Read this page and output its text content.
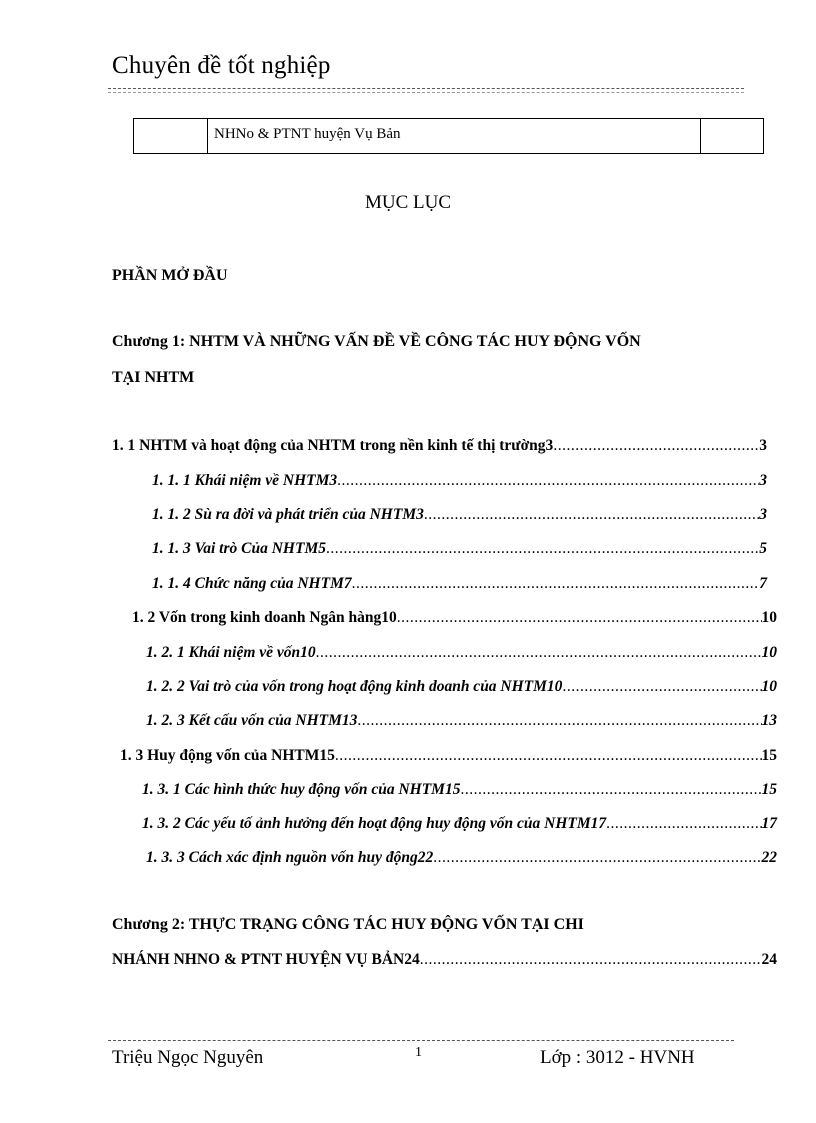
Chuyên đề tốt nghiệp
NHNo & PTNT huyện Vụ Bản
MỤC LỤC
PHẦN MỞ ĐẦU
Chương 1: NHTM VÀ NHỮNG VẤN ĐỀ VỀ CÔNG TÁC HUY ĐỘNG VỐN
TẠI NHTM
1. 1 NHTM và hoạt động của NHTM trong nền kinh tế thị trường3 .....	3
1. 1. 1 Khái niệm về NHTM3 .....	3
1. 1. 2 Sù ra đời và phát triển của NHTM3 .....	3
1. 1. 3 Vai trò Của NHTM5 .....	5
1. 1. 4 Chức năng của NHTM7 .....	7
1. 2 Vốn trong kinh doanh Ngân hàng10 .....	10
1. 2. 1 Khái niệm về vốn10 .....	10
1. 2. 2 Vai trò của vốn trong hoạt động kinh doanh của NHTM10 .....	10
1. 2. 3 Kết cấu vốn của NHTM13 .....	13
1. 3 Huy động vốn của NHTM15 .....	15
1. 3. 1 Các hình thức huy động vốn của NHTM15 .....	15
1. 3. 2 Các yếu tố ảnh hưởng đến hoạt động huy động vốn của NHTM17 .....	17
1. 3. 3 Cách xác định nguồn vốn huy động22 .....	22
Chương 2: THỰC TRẠNG CÔNG TÁC HUY ĐỘNG VỐN TẠI CHI
NHÁNH NHNO & PTNT HUYỆN VỤ BẢN24 .....	24
Triệu Ngọc Nguyên	1	Lớp : 3012 - HVNH
